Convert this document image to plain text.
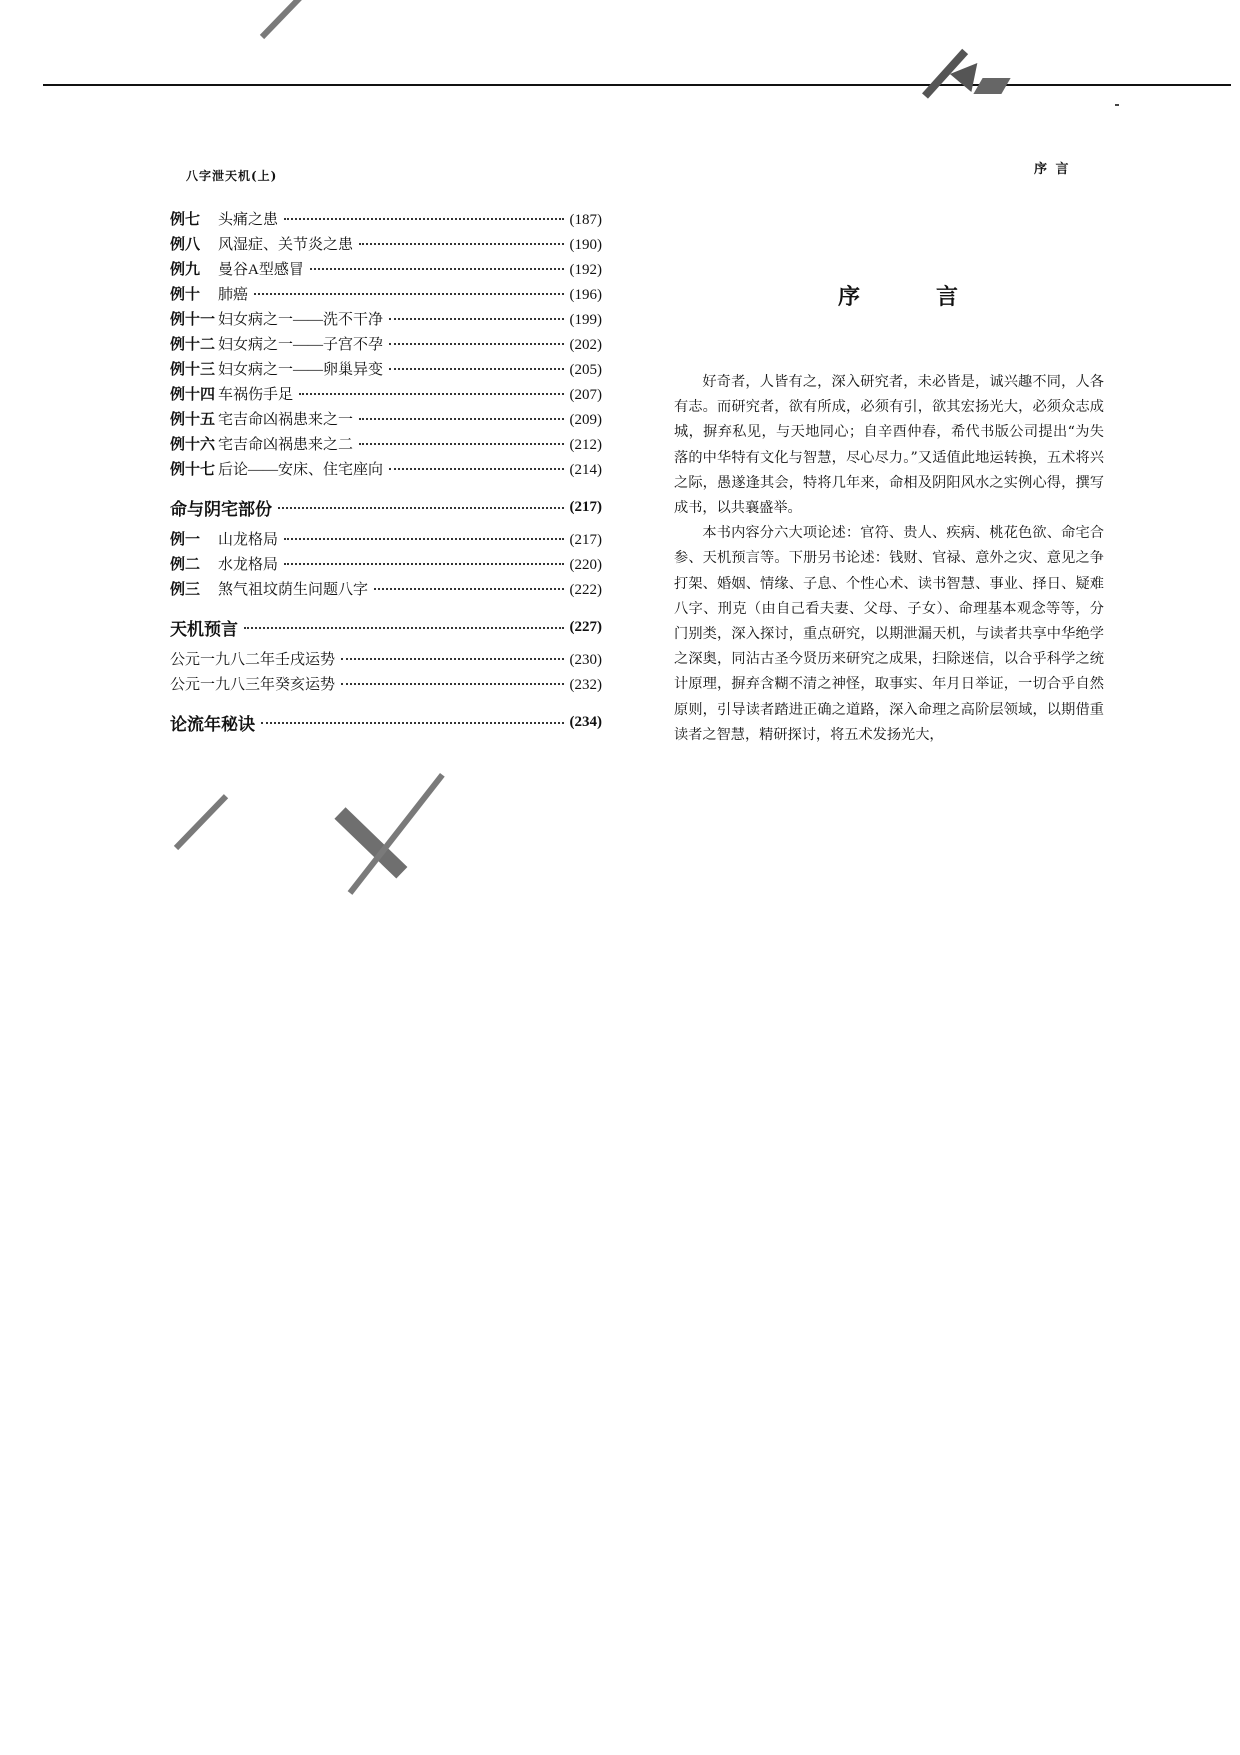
八字泄天机(上)	序 言
例七 头痛之患	(187)
例八 风湿症、关节炎之患	(190)
例九 曼谷A型感冒	(192)
例十 肺癌	(196)
例十一 妇女病之一——洗不干净	(199)
例十二 妇女病之一——子宫不孕	(202)
例十三 妇女病之一——卵巢异变	(205)
例十四 车祸伤手足	(207)
例十五 宅吉命凶祸患来之一	(209)
例十六 宅吉命凶祸患来之二	(212)
例十七 后论——安床、住宅座向	(214)
命与阴宅部份	(217)
例一 山龙格局	(217)
例二 水龙格局	(220)
例三 煞气祖坟荫生问题八字	(222)
天机预言	(227)
公元一九八二年壬戌运势	(230)
公元一九八三年癸亥运势	(232)
论流年秘诀	(234)
序	言

好奇者，人皆有之，深入研究者，未必皆是，诚兴趣不同，人各有志。而研究者，欲有所成，必须有引，欲其宏扬光大，必须众志成城，摒弃私见，与天地同心；自辛酉仲春，希代书版公司提出“为失落的中华特有文化与智慧，尽心尽力。”又适值此地运转换，五术将兴之际，愚遂逢其会，特将几年来，命相及阴阳风水之实例心得，撰写成书，以共襄盛举。

本书内容分六大项论述：官符、贵人、疾病、桃花色欲、命宅合参、天机预言等。下册另书论述：钱财、官禄、意外之灾、意见之争打架、婚姻、情缘、子息、个性心术、读书智慧、事业、择日、疑难八字、刑克（由自己看夫妻、父母、子女）、命理基本观念等等，分门别类，深入探讨，重点研究，以期泄漏天机，与读者共享中华绝学之深奥，同沾古圣今贤历来研究之成果，扫除迷信，以合乎科学之统计原理，摒弃含糊不清之神怪，取事实、年月日举证，一切合乎自然原则，引导读者踏进正确之道路，深入命理之高阶层领域，以期借重读者之智慧，精研探讨，将五术发扬光大，
